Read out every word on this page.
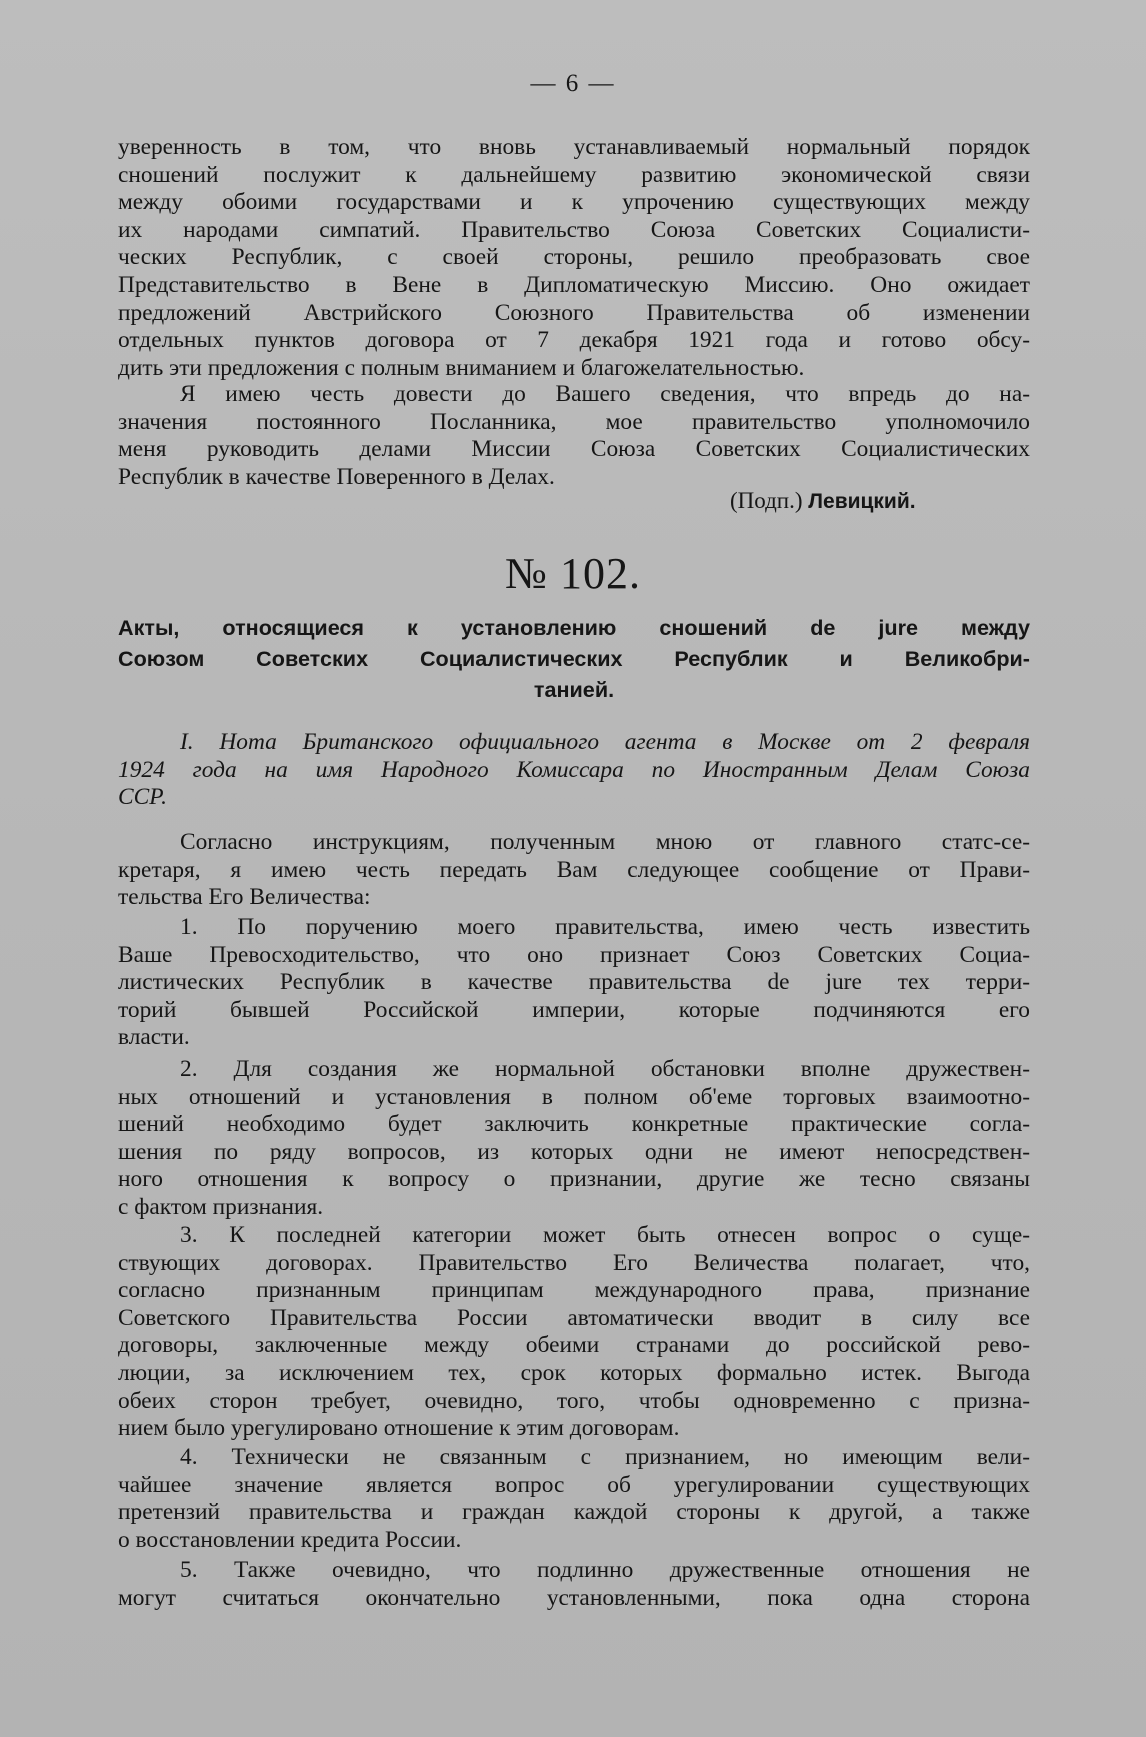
— 6 —
уверенность в том, что вновь устанавливаемый нормальный порядок
сношений послужит к дальнейшему развитию экономической связи
между обоими государствами и к упрочению существующих между
их народами симпатий. Правительство Союза Советских Социалисти-
ческих Республик, с своей стороны, решило преобразовать свое
Представительство в Вене в Дипломатическую Миссию. Оно ожидает
предложений Австрийского Союзного Правительства об изменении
отдельных пунктов договора от 7 декабря 1921 года и готово обсу-
дить эти предложения с полным вниманием и благожелательностью.
Я имею честь довести до Вашего сведения, что впредь до на-
значения постоянного Посланника, мое правительство уполномочило
меня руководить делами Миссии Союза Советских Социалистических
Республик в качестве Поверенного в Делах.
(Подп.) Левицкий.
№ 102.
Акты, относящиеся к установлению сношений de jure между
Союзом Советских Социалистических Республик и Великобри-
танией.
I. Нота Британского официального агента в Москве от 2 февраля
1924 года на имя Народного Комиссара по Иностранным Делам Союза
ССР.
Согласно инструкциям, полученным мною от главного статс-се-
кретаря, я имею честь передать Вам следующее сообщение от Прави-
тельства Его Величества:
1. По поручению моего правительства, имею честь известить
Ваше Превосходительство, что оно признает Союз Советских Социа-
листических Республик в качестве правительства de jure тех терри-
торий бывшей Российской империи, которые подчиняются его
власти.
2. Для создания же нормальной обстановки вполне дружествен-
ных отношений и установления в полном об'еме торговых взаимоотно-
шений необходимо будет заключить конкретные практические согла-
шения по ряду вопросов, из которых одни не имеют непосредствен-
ного отношения к вопросу о признании, другие же тесно связаны
с фактом признания.
3. К последней категории может быть отнесен вопрос о суще-
ствующих договорах. Правительство Его Величества полагает, что,
согласно признанным принципам международного права, признание
Советского Правительства России автоматически вводит в силу все
договоры, заключенные между обеими странами до российской рево-
люции, за исключением тех, срок которых формально истек. Выгода
обеих сторон требует, очевидно, того, чтобы одновременно с призна-
нием было урегулировано отношение к этим договорам.
4. Технически не связанным с признанием, но имеющим вели-
чайшее значение является вопрос об урегулировании существующих
претензий правительства и граждан каждой стороны к другой, а также
о восстановлении кредита России.
5. Также очевидно, что подлинно дружественные отношения не
могут считаться окончательно установленными, пока одна сторона
